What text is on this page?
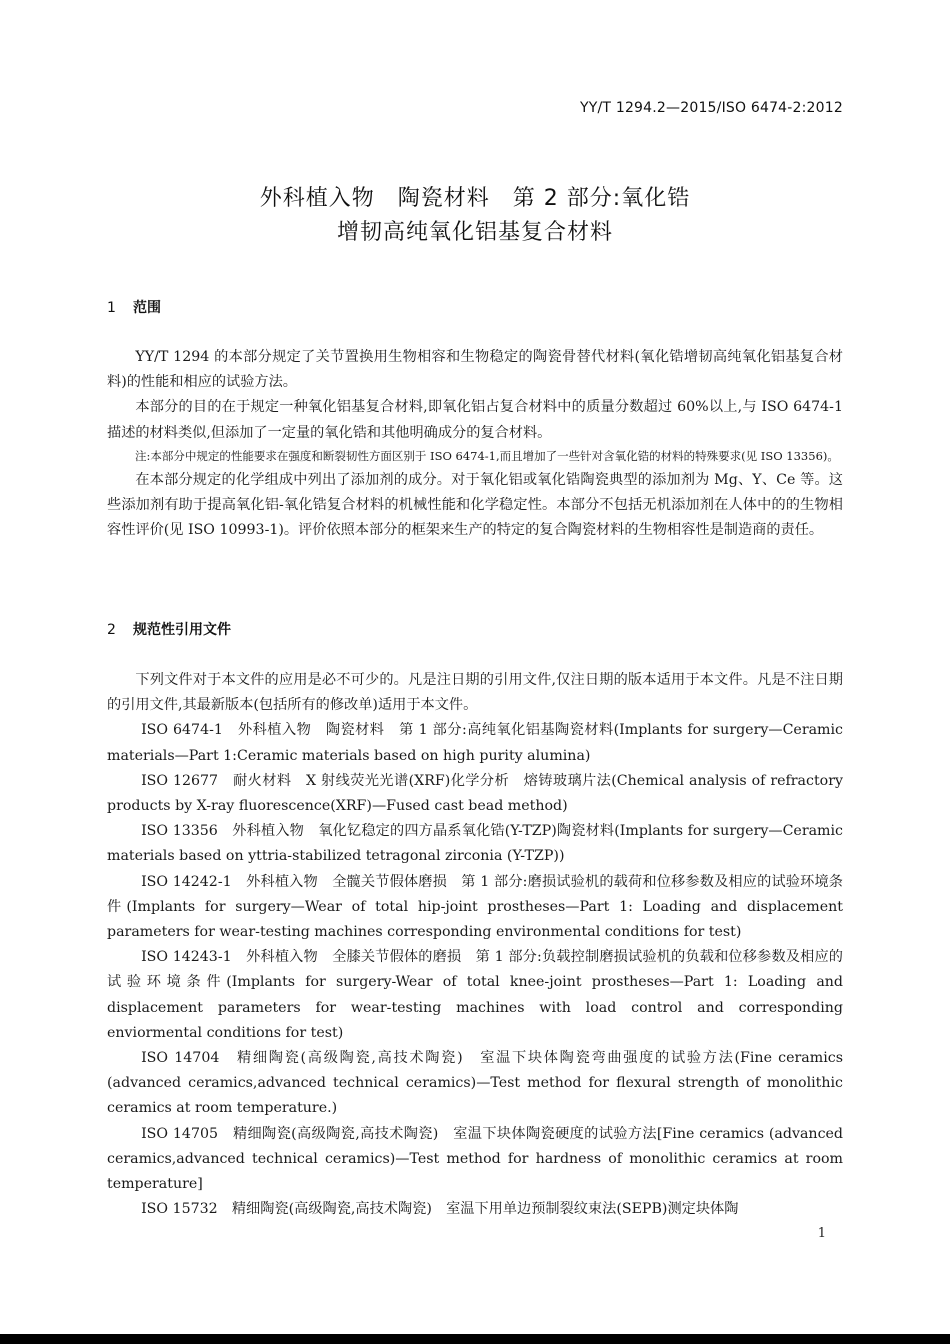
YY/T 1294.2—2015/ISO 6474-2:2012
外科植入物　陶瓷材料　第 2 部分:氧化锆
增韧高纯氧化铝基复合材料
1 范围

YY/T 1294 的本部分规定了关节置换用生物相容和生物稳定的陶瓷骨替代材料(氧化锆增韧高纯氧化铝基复合材料)的性能和相应的试验方法。

本部分的目的在于规定一种氧化铝基复合材料,即氧化铝占复合材料中的质量分数超过 60%以上,与 ISO 6474-1 描述的材料类似,但添加了一定量的氧化锆和其他明确成分的复合材料。

注:本部分中规定的性能要求在强度和断裂韧性方面区别于 ISO 6474-1,而且增加了一些针对含氧化锆的材料的特殊要求(见 ISO 13356)。

在本部分规定的化学组成中列出了添加剂的成分。对于氧化铝或氧化锆陶瓷典型的添加剂为 Mg、Y、Ce 等。这些添加剂有助于提高氧化铝-氧化锆复合材料的机械性能和化学稳定性。本部分不包括无机添加剂在人体中的的生物相容性评价(见 ISO 10993-1)。评价依照本部分的框架来生产的特定的复合陶瓷材料的生物相容性是制造商的责任。

2 规范性引用文件

下列文件对于本文件的应用是必不可少的。凡是注日期的引用文件,仅注日期的版本适用于本文件。凡是不注日期的引用文件,其最新版本(包括所有的修改单)适用于本文件。

ISO 6474-1　外科植入物　陶瓷材料　第 1 部分:高纯氧化铝基陶瓷材料(Implants for surgery—Ceramic materials—Part 1:Ceramic materials based on high purity alumina)

ISO 12677　耐火材料　X 射线荧光光谱(XRF)化学分析　熔铸玻璃片法(Chemical analysis of refractory products by X-ray fluorescence(XRF)—Fused cast bead method)

ISO 13356　外科植入物　氧化钇稳定的四方晶系氧化锆(Y-TZP)陶瓷材料(Implants for surgery—Ceramic materials based on yttria-stabilized tetragonal zirconia (Y-TZP))

ISO 14242-1　外科植入物　全髋关节假体磨损　第 1 部分:磨损试验机的载荷和位移参数及相应的试验环境条件(Implants for surgery—Wear of total hip-joint prostheses—Part 1: Loading and displacement parameters for wear-testing machines corresponding environmental conditions for test)

ISO 14243-1　外科植入物　全膝关节假体的磨损　第 1 部分:负载控制磨损试验机的负载和位移参数及相应的试验环境条件(Implants for surgery-Wear of total knee-joint prostheses—Part 1: Loading and displacement parameters for wear-testing machines with load control and corresponding enviormental conditions for test)

ISO 14704　精细陶瓷(高级陶瓷,高技术陶瓷)　室温下块体陶瓷弯曲强度的试验方法(Fine ceramics (advanced ceramics,advanced technical ceramics)—Test method for flexural strength of monolithic ceramics at room temperature.)

ISO 14705　精细陶瓷(高级陶瓷,高技术陶瓷)　室温下块体陶瓷硬度的试验方法[Fine ceramics (advanced ceramics,advanced technical ceramics)—Test method for hardness of monolithic ceramics at room temperature]

ISO 15732　精细陶瓷(高级陶瓷,高技术陶瓷)　室温下用单边预制裂纹束法(SEPB)测定块体陶

1
